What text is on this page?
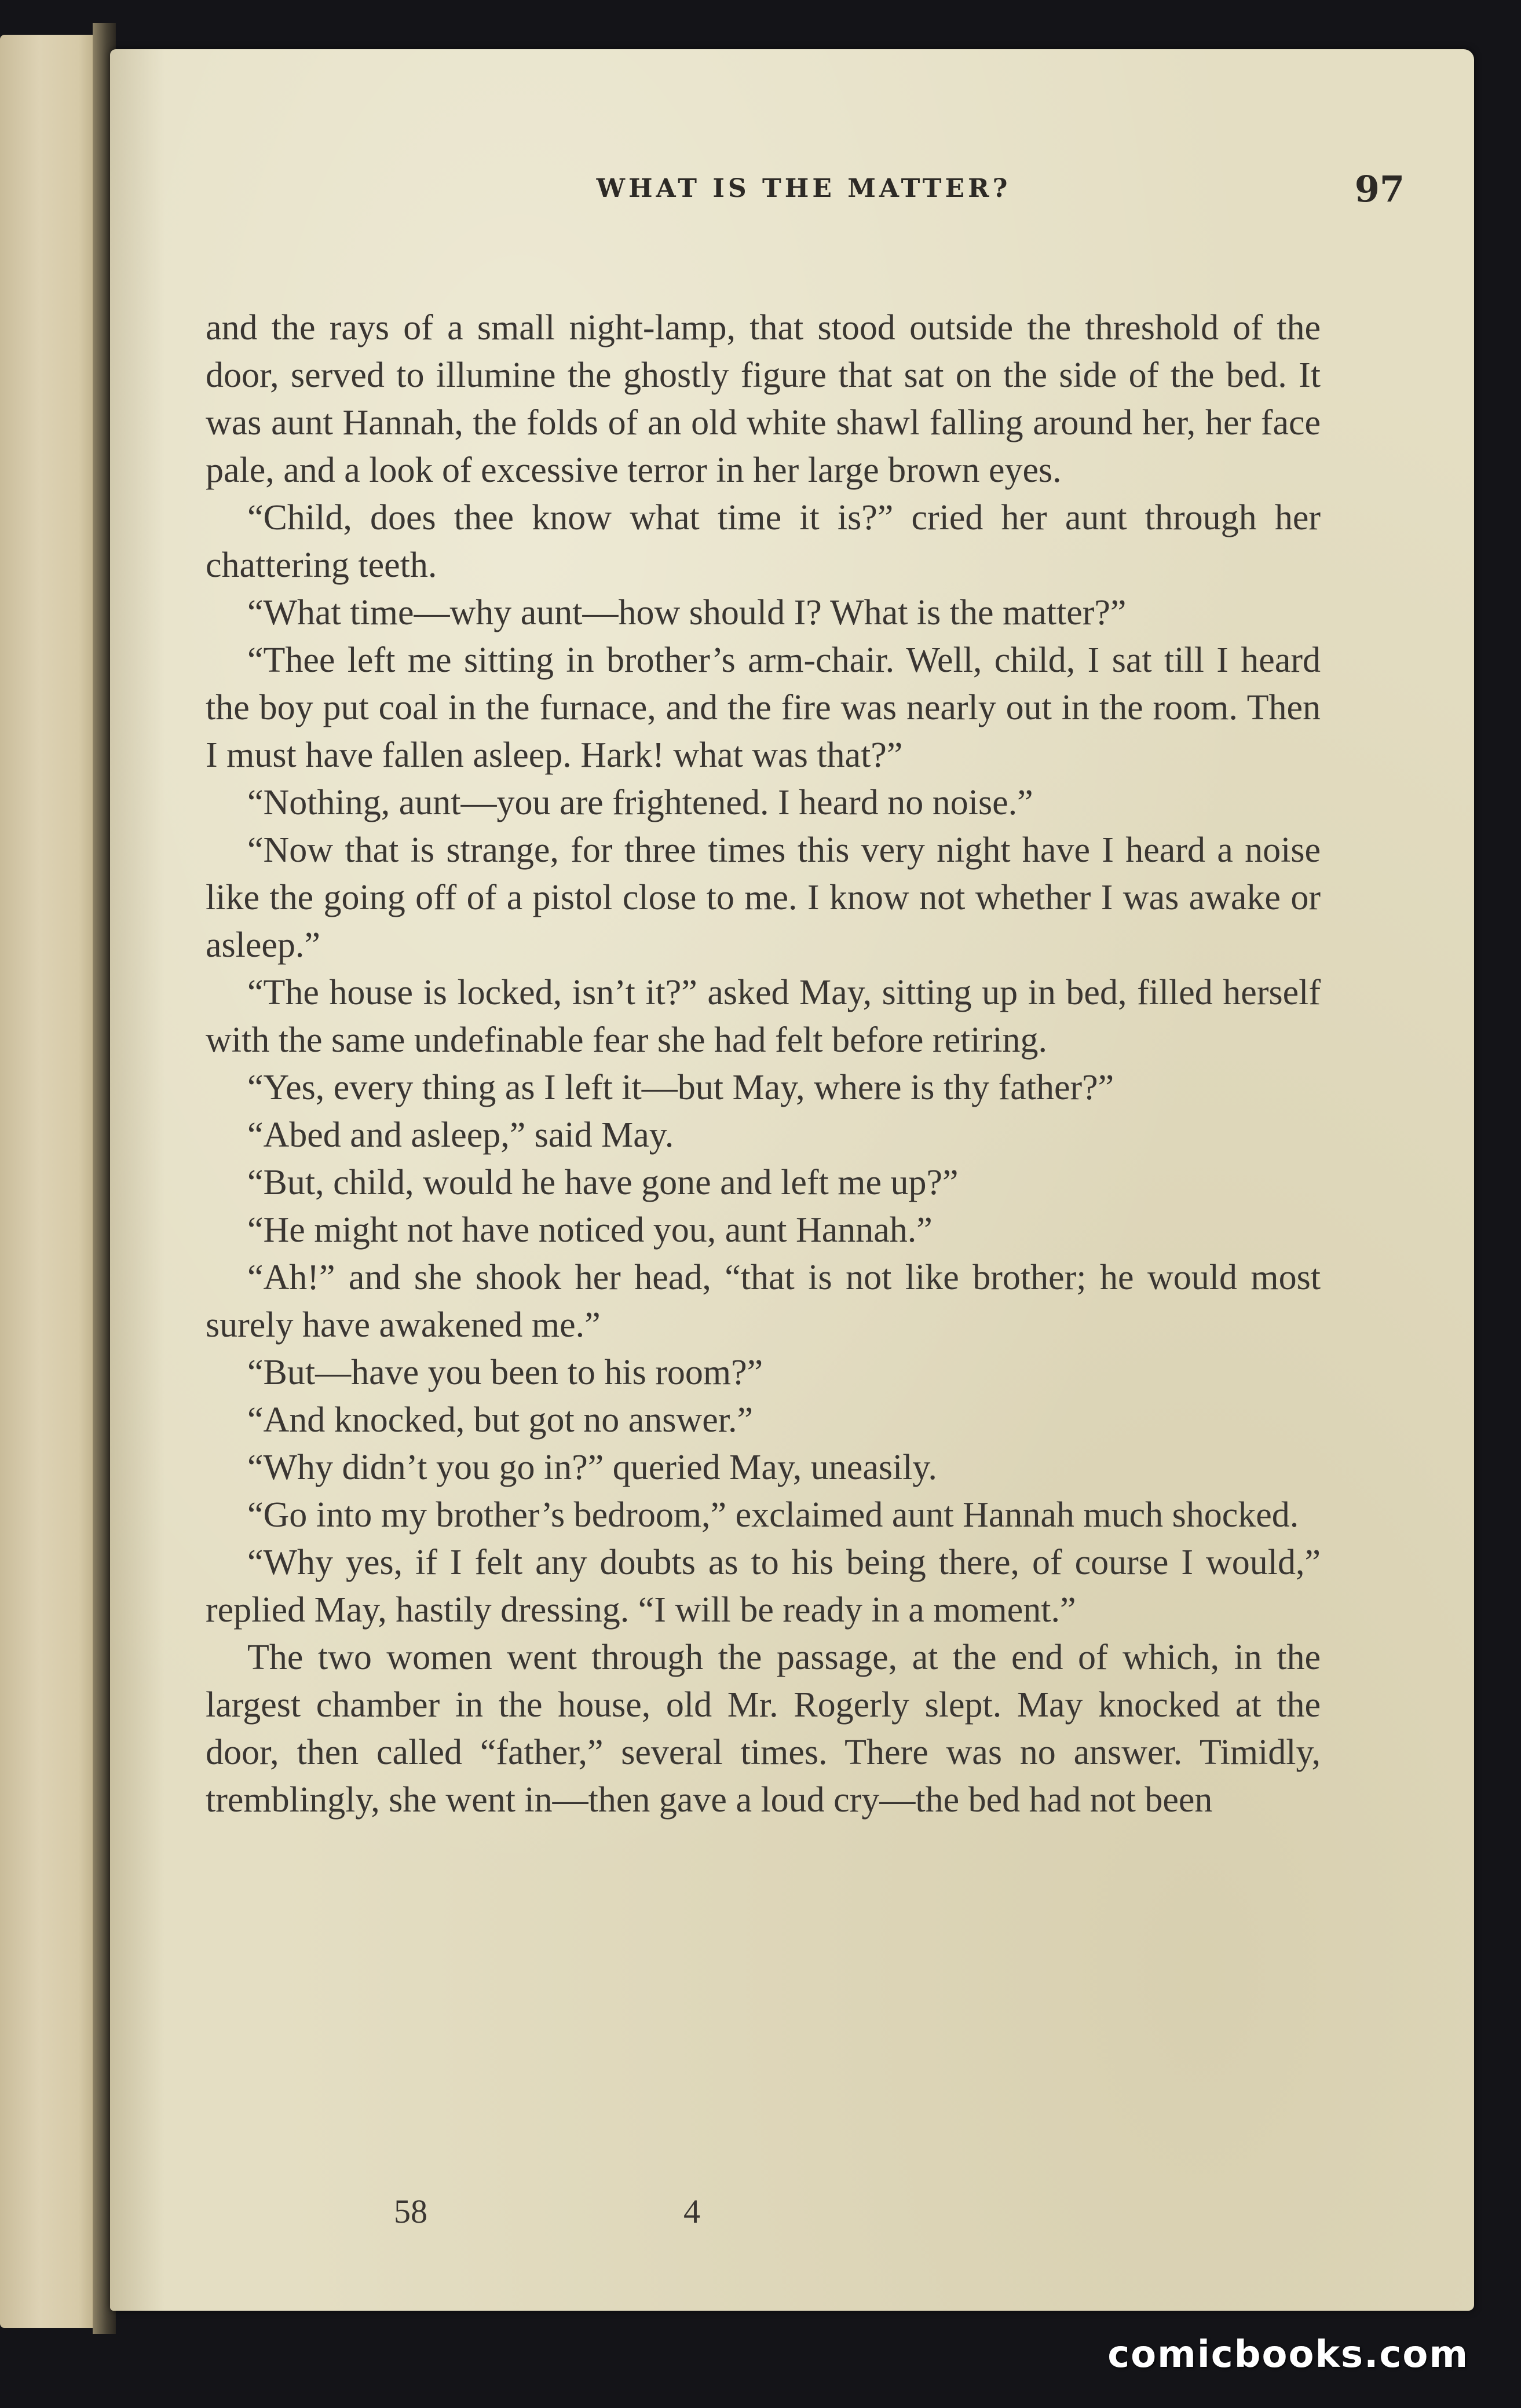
WHAT IS THE MATTER?	97

and the rays of a small night-lamp, that stood outside the threshold of the door, served to illumine the ghostly figure that sat on the side of the bed. It was aunt Hannah, the folds of an old white shawl falling around her, her face pale, and a look of excessive terror in her large brown eyes.

“Child, does thee know what time it is?” cried her aunt through her chattering teeth.

“What time—why aunt—how should I? What is the matter?”

“Thee left me sitting in brother’s arm-chair. Well, child, I sat till I heard the boy put coal in the furnace, and the fire was nearly out in the room. Then I must have fallen asleep. Hark! what was that?”

“Nothing, aunt—you are frightened. I heard no noise.”

“Now that is strange, for three times this very night have I heard a noise like the going off of a pistol close to me. I know not whether I was awake or asleep.”

“The house is locked, isn’t it?” asked May, sitting up in bed, filled herself with the same undefinable fear she had felt before retiring.

“Yes, every thing as I left it—but May, where is thy father?”

“Abed and asleep,” said May.

“But, child, would he have gone and left me up?”

“He might not have noticed you, aunt Hannah.”

“Ah!” and she shook her head, “that is not like brother; he would most surely have awakened me.”

“But—have you been to his room?”

“And knocked, but got no answer.”

“Why didn’t you go in?” queried May, uneasily.

“Go into my brother’s bedroom,” exclaimed aunt Hannah much shocked.

“Why yes, if I felt any doubts as to his being there, of course I would,” replied May, hastily dressing. “I will be ready in a moment.”

The two women went through the passage, at the end of which, in the largest chamber in the house, old Mr. Rogerly slept. May knocked at the door, then called “father,” several times. There was no answer. Timidly, tremblingly, she went in—then gave a loud cry—the bed had not been

58	4
comicbooks.com
